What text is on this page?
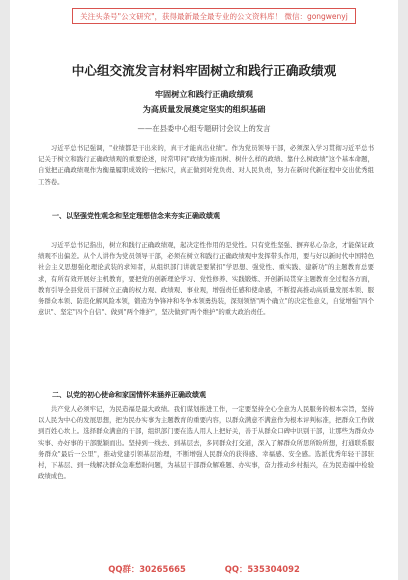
关注头条号"公文研究"，获得最新最全最专业的公文资料库！ 微信：gongwenyj
中心组交流发言材料牢固树立和践行正确政绩观
牢固树立和践行正确政绩观
为高质量发展奠定坚实的组织基础
——在县委中心组专题研讨会议上的发言

习近平总书记强调，"业绩都是干出来的，真干才能真出业绩"。作为党员领导干部，必须深入学习贯彻习近平总书记关于树立和践行正确政绩观的重要论述，时常叩问"政绩为谁而树、树什么样的政绩、靠什么树政绩"这个基本命题，自觉把正确政绩观作为衡量履职成效的一把标尺，真正做到对党负责、对人民负责，努力在新时代新征程中交出优秀组工答卷。

一、以坚强党性观念和坚定理想信念来夯实正确政绩观

习近平总书记指出，树立和践行正确政绩观，起决定性作用的是党性。只有党性坚强、摒弃私心杂念，才能保证政绩观不出偏差。从个人讲作为党员领导干部，必须在树立和践行正确政绩观中发挥带头作用，要与好以新时代中国特色社会主义思想强化理论武装的求知者，从组织部门讲就是要紧扣"学思想、强党性、重实践、建新功"的主题教育总要求，有所有效开展好主机教育，要把党的创新理论学习、党性修养、实践锻炼、开创新局贯穿主题教育全过程各方面，教育引导全县党员干部树立正确的权力观、政绩观、事业观，增强责任感和使命感，不断提高推动高质量发展本领、服务群众本领、防范化解风险本领，锻造为争锋冲和冬争本领勇热装，深刻领悟"两个确立"的决定性意义，自觉增强"四个意识"、坚定"四个自信"、做到"两个维护"，坚决做到"两个维护"的重大政治责任。

二、以党的初心使命和家国情怀来涵养正确政绩观

共产党人必须牢记，为民造福是最大政绩。我们谋划推进工作，一定要坚持全心全意为人民服务的根本宗旨，坚持以人民为中心的发展思想，把为民办实事为主题教育的重要内容，以群众满意不满意作为根本评判标准，把群众工作做到百姓心坎上。选择群众满意的干部，组织部门要在选人用人上把好关，善于从群众口碑中识别干部，让那些为群众办实事、办好事的干部脱颖而出。坚持到一线去、到基层去，多同群众打交道，深入了解群众所思所盼所想，打通联系服务群众"最后一公里"，推动党建引领基层治理，不断增强人民群众的获得感、幸福感、安全感。选派优秀年轻干部驻村，下基层、到一线解决群众急难愁盼问题，为基层干部群众解难题、办实事，奋力推动乡村振兴，在为民造福中检验政绩成色。

QQ群：30265665	QQ：535304092
